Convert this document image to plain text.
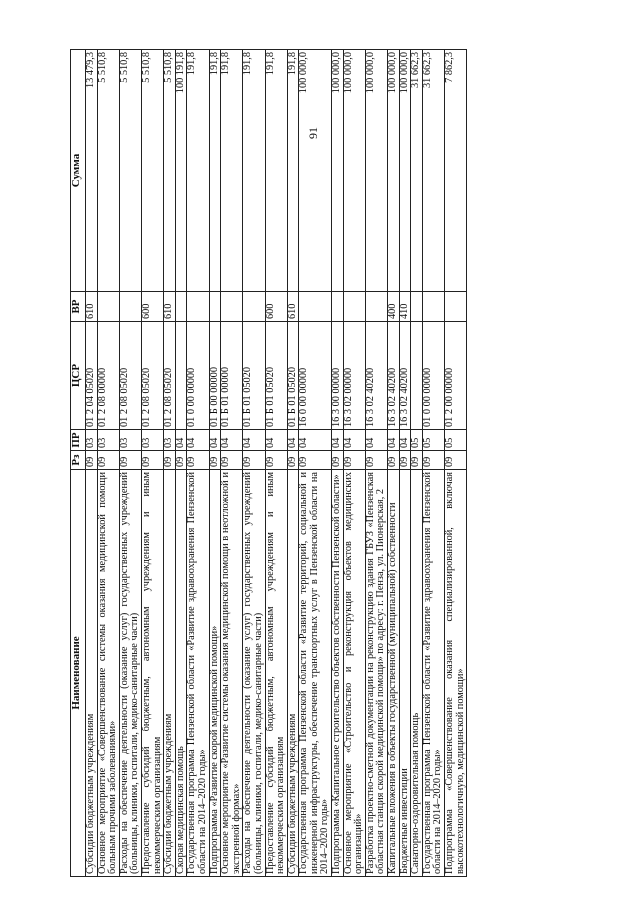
91
Наименование	Рз	ПР	ЦСР	ВР	Сумма
Субсидии бюджетным учреждениям	09	03	01 2 04 05020	610	13 479,3
Основное мероприятие «Совершенствование системы оказания медицинской помощи больным прочими заболеваниями»	09	03	01 2 08 00000		5 510,8
Расходы на обеспечение деятельности (оказание услуг) государственных учреждений (больницы, клиники, госпитали, медико-санитарные части)	09	03	01 2 08 05020		5 510,8
Предоставление субсидий бюджетным, автономным учреждениям и иным некоммерческим организациям	09	03	01 2 08 05020	600	5 510,8
Субсидии бюджетным учреждениям	09	03	01 2 08 05020	610	5 510,8
Скорая медицинская помощь	09	04			100 191,8
Государственная программа Пензенской области «Развитие здравоохранения Пензенской области на 2014–2020 годы»	09	04	01 0 00 00000		191,8
Подпрограмма «Развитие скорой медицинской помощи»	09	04	01 Б 00 00000		191,8
Основное мероприятие «Развитие системы оказания медицинской помощи в неотложной и экстренной формах»	09	04	01 Б 01 00000		191,8
Расходы на обеспечение деятельности (оказание услуг) государственных учреждений (больницы, клиники, госпитали, медико-санитарные части)	09	04	01 Б 01 05020		191,8
Предоставление субсидий бюджетным, автономным учреждениям и иным некоммерческим организациям	09	04	01 Б 01 05020	600	191,8
Субсидии бюджетным учреждениям	09	04	01 Б 01 05020	610	191,8
Государственная программа Пензенской области «Развитие территорий, социальной и инженерной инфраструктуры, обеспечение транспортных услуг в Пензенской области на 2014–2020 годы»	09	04	16 0 00 00000		100 000,0
Подпрограмма «Капитальное строительство объектов собственности Пензенской области»	09	04	16 3 00 00000		100 000,0
Основное мероприятие «Строительство и реконструкция объектов медицинских организаций»	09	04	16 3 02 00000		100 000,0
Разработка проектно-сметной документации на реконструкцию здания ГБУЗ «Пензенская областная станция скорой медицинской помощи» по адресу: г. Пенза, ул. Пионерская, 2	09	04	16 3 02 40200		100 000,0
Капитальные вложения в объекты государственной (муниципальной) собственности	09	04	16 3 02 40200	400	100 000,0
Бюджетные инвестиции	09	04	16 3 02 40200	410	100 000,0
Санаторно-оздоровительная помощь	09	05			31 662,3
Государственная программа Пензенской области «Развитие здравоохранения Пензенской области на 2014–2020 годы»	09	05	01 0 00 00000		31 662,3
Подпрограмма «Совершенствование оказания специализированной, включая высокотехнологичную, медицинской помощи»	09	05	01 2 00 00000		7 862,3
